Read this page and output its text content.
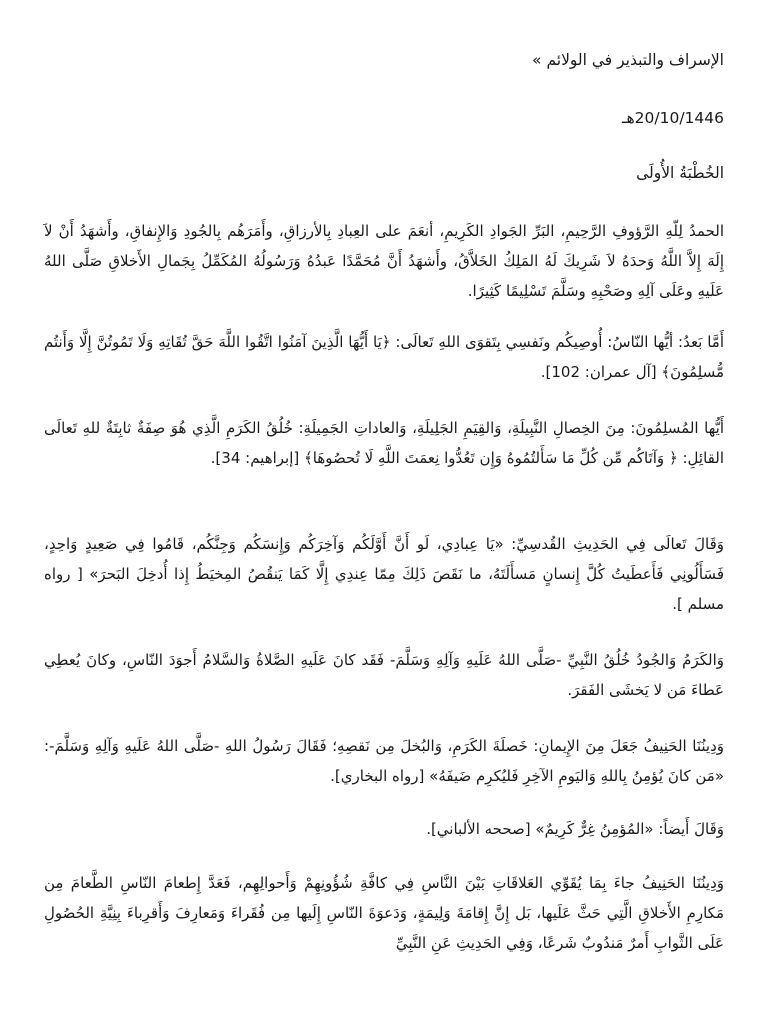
الإسراف والتبذير في الولائم »
20/10/1446هـ
الخُطْبَةُ الأُولَى

الحمدُ لِلّهِ الرَّؤوفِ الرَّحِيمِ، البَرِّ الجَوادِ الكَرِيمِ، أنعَمَ على العِبادِ بِالأرزاقِ، وأَمَرَهُم بِالجُودِ وَالإِنفاقِ، وأَشهَدُ أَنْ لاَ إِلَهَ إِلاَّ اللَّهُ وَحدَهُ لاَ شَرِيكَ لَهُ المَلِكُ الخَلاَّقُ، وأَشهَدُ أَنَّ مُحَمَّدًا عَبدُهُ وَرَسُولُهُ المُكَمِّلُ بِجَمالِ الأَخلاقِ صَلَّى اللهُ عَلَيهِ وعَلَى آلِهِ وصَحْبِهِ وسَلَّمَ تَسْلِيمًا كَثِيرًا.

أَمَّا بَعدُ: أيُّها النّاسُ: أُوصِيكُم ونَفسِي بِتَقوَى اللهِ تَعالَى: ﴿يَا أَيُّهَا الَّذِينَ آمَنُوا اتَّقُوا اللَّهَ حَقَّ تُقَاتِهِ وَلَا تَمُوتُنَّ إِلَّا وَأَنتُم مُّسلِمُونَ﴾ [آل عمران: 102].

أَيُّها المُسلِمُونَ: مِنَ الخِصالِ النَّبِيلَةِ، وَالقِيَمِ الجَلِيلَةِ، وَالعاداتِ الجَمِيلَةِ: خُلُقُ الكَرَمِ الَّذِي هُوَ صِفَةٌ ثابِتَةٌ للهِ تَعالَى القائِلِ: ﴿ وَآتَاكُم مِّن كُلِّ مَا سَأَلتُمُوهُ وَإِن تَعُدُّوا نِعمَتَ اللَّهِ لَا تُحصُوهَا﴾ [إبراهيم: 34].

وَقَالَ تَعالَى فِي الحَدِيثِ القُدسِيِّ: «يَا عِبادِي، لَو أَنَّ أَوَّلَكُم وَآخِرَكُم وَإِنسَكُم وَجِنَّكُم، قَامُوا فِي صَعِيدٍ وَاحِدٍ، فَسَأَلُونِي فَأَعطَيتُ كُلَّ إِنسانٍ مَسأَلَتَهُ، ما نَقَصَ ذَلِكَ مِمّا عِندِي إِلَّا كَمَا يَنقُصُ المِخيَطُ إِذا أُدخِلَ البَحرَ» [ رواه مسلم ].

وَالكَرَمُ وَالجُودُ خُلُقُ النَّبِيِّ -صَلَّى اللهُ عَلَيهِ وَآلِهِ وَسَلَّمَ- فَقَد كانَ عَلَيهِ الصَّلاةُ وَالسَّلامُ أَجوَدَ النّاسِ، وكانَ يُعطِي عَطاءَ مَن لا يَخشَى الفَقرَ.

وَدِينُنَا الحَنِيفُ جَعَلَ مِنَ الإِيمانِ: خَصلَةَ الكَرَمِ، وَالبُخلَ مِن نَقصِهِ؛ فَقَالَ رَسُولُ اللهِ -صَلَّى اللهُ عَلَيهِ وَآلِهِ وَسَلَّمَ-: «مَن كانَ يُؤمِنُ بِاللهِ وَاليَومِ الآخِرِ فَليُكرِم ضَيفَهُ» [رواه البخاري].

وَقَالَ أَيضاً: «المُؤمِنُ غِرٌّ كَرِيمٌ» [صححه الألباني].

وَدِينُنَا الحَنِيفُ جاءَ بِمَا يُقَوِّي العَلاقَاتِ بَيْنَ النَّاسِ فِي كافَّةِ شُؤُونِهِمْ وَأَحوالِهِم، فَعَدَّ إِطعامَ النّاسِ الطَّعامَ مِن مَكارِمِ الأَخلاقِ الَّتِي حَثَّ عَلَيها، بَل إِنَّ إِقامَةَ وَلِيمَةٍ، وَدَعوَةَ النّاسِ إِلَيها مِن فُقَراءَ وَمَعارِفَ وَأَقرِباءَ بِنِيَّةِ الحُصُولِ عَلَى الثَّوابِ أَمرٌ مَندُوبٌ شَرعًا، وَفِي الحَدِيثِ عَنِ النَّبِيِّ
